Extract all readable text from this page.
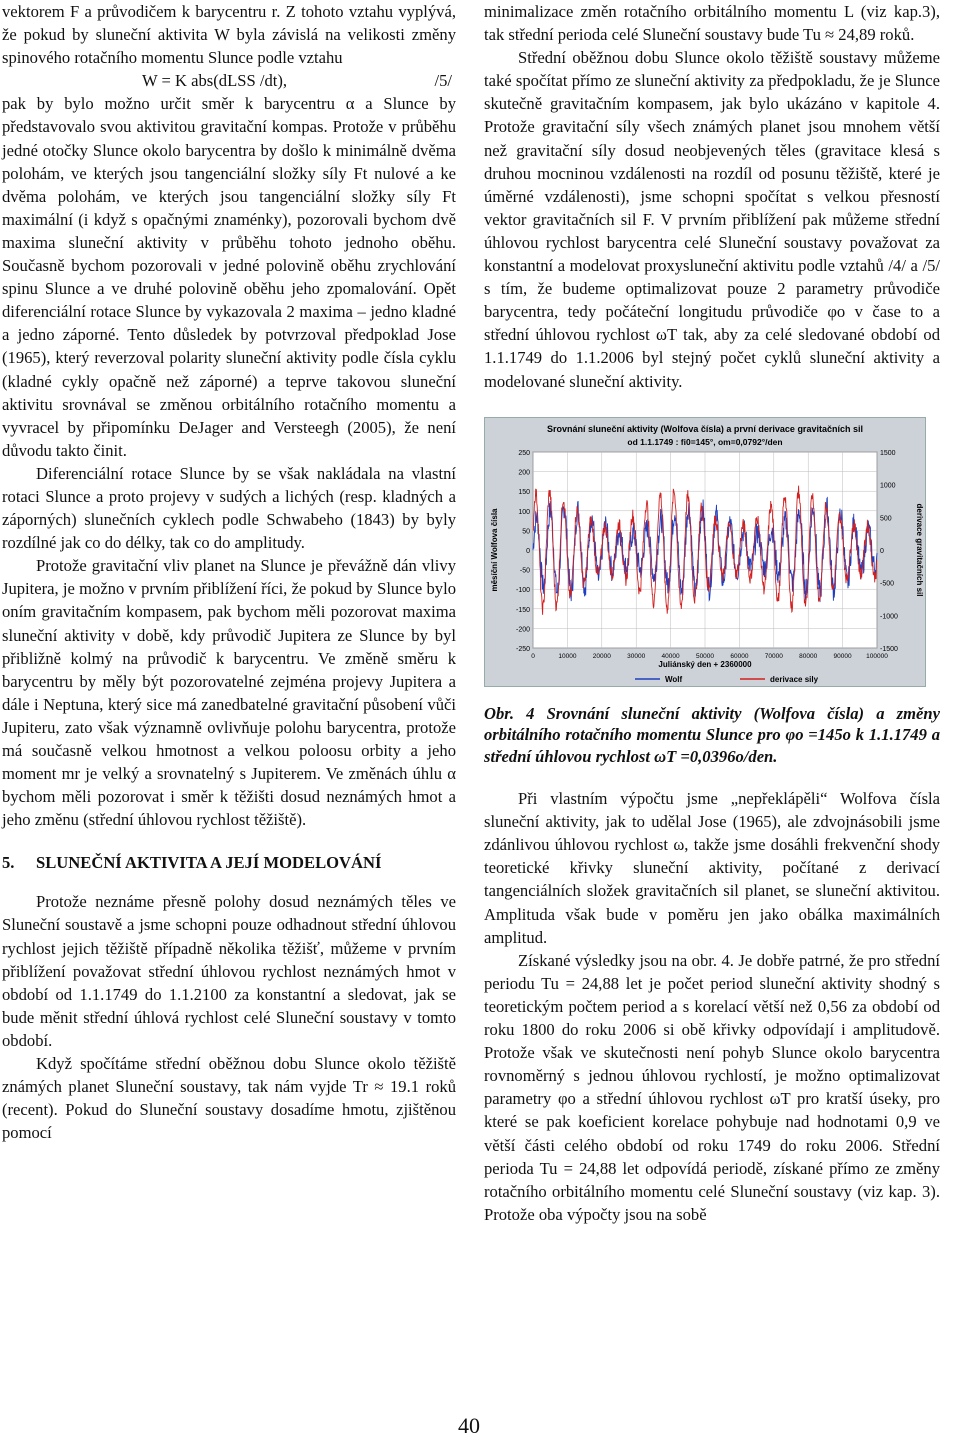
vektorem F a průvodičem k barycentru r. Z tohoto vztahu vyplývá, že pokud by sluneční aktivita W byla závislá na velikosti změny spinového rotačního momentu Slunce podle vztahu

W = K abs(dLSS /dt),	/5/

pak by bylo možno určit směr k barycentru α a Slunce by představovalo svou aktivitou gravitační kompas. Protože v průběhu jedné otočky Slunce okolo barycentra by došlo k minimálně dvěma polohám, ve kterých jsou tangenciální složky síly Ft nulové a ke dvěma polohám, ve kterých jsou tangenciální složky síly Ft maximální (i když s opačnými znaménky), pozorovali bychom dvě maxima sluneční aktivity v průběhu tohoto jednoho oběhu. Současně bychom pozorovali v jedné polovině oběhu zrychlování spinu Slunce a ve druhé polovině oběhu jeho zpomalování. Opět diferenciální rotace Slunce by vykazovala 2 maxima – jedno kladné a jedno záporné. Tento důsledek by potvrzoval předpoklad Jose (1965), který reverzoval polarity sluneční aktivity podle čísla cyklu (kladné cykly opačně než záporné) a teprve takovou sluneční aktivitu srovnával se změnou orbitálního rotačního momentu a vyvracel by připomínku DeJager and Versteegh (2005), že není důvodu takto činit.

Diferenciální rotace Slunce by se však nakládala na vlastní rotaci Slunce a proto projevy v sudých a lichých (resp. kladných a záporných) slunečních cyklech podle Schwabeho (1843) by byly rozdílné jak co do délky, tak co do amplitudy.

Protože gravitační vliv planet na Slunce je převážně dán vlivy Jupitera, je možno v prvním přiblížení říci, že pokud by Slunce bylo oním gravitačním kompasem, pak bychom měli pozorovat maxima sluneční aktivity v době, kdy průvodič Jupitera ze Slunce by byl přibližně kolmý na průvodič k barycentru. Ve změně směru k barycentru by měly být pozorovatelné zejména projevy Jupitera a dále i Neptuna, který sice má zanedbatelné gravitační působení vůči Jupiteru, zato však významně ovlivňuje polohu barycentra, protože má současně velkou hmotnost a velkou poloosu orbity a jeho moment mr je velký a srovnatelný s Jupiterem. Ve změnách úhlu α bychom měli pozorovat i směr k těžišti dosud neznámých hmot a jeho změnu (střední úhlovou rychlost těžiště).

5.	SLUNEČNÍ AKTIVITA A JEJÍ MODELOVÁNÍ

Protože neznáme přesně polohy dosud neznámých těles ve Sluneční soustavě a jsme schopni pouze odhadnout střední úhlovou rychlost jejich těžiště případně několika těžišť, můžeme v prvním přiblížení považovat střední úhlovou rychlost neznámých hmot v období od 1.1.1749 do 1.1.2100 za konstantní a sledovat, jak se bude měnit střední úhlová rychlost celé Sluneční soustavy v tomto období.

Když spočítáme střední oběžnou dobu Slunce okolo těžiště známých planet Sluneční soustavy, tak nám vyjde Tr ≈ 19.1 roků (recent). Pokud do Sluneční soustavy dosadíme hmotu, zjištěnou pomocí

minimalizace změn rotačního orbitálního momentu L (viz kap.3), tak střední perioda celé Sluneční soustavy bude Tu ≈ 24,89 roků.

Střední oběžnou dobu Slunce okolo těžiště soustavy můžeme také spočítat přímo ze sluneční aktivity za předpokladu, že je Slunce skutečně gravitačním kompasem, jak bylo ukázáno v kapitole 4. Protože gravitační síly všech známých planet jsou mnohem větší než gravitační síly dosud neobjevených těles (gravitace klesá s druhou mocninou vzdálenosti na rozdíl od posunu těžiště, které je úměrné vzdálenosti), jsme schopni spočítat s velkou přesností vektor gravitačních sil F. V prvním přiblížení pak můžeme střední úhlovou rychlost barycentra celé Sluneční soustavy považovat za konstantní a modelovat proxysluneční aktivitu podle vztahů /4/ a /5/ s tím, že budeme optimalizovat pouze 2 parametry průvodiče barycentra, tedy počáteční longitudu průvodiče φo v čase to a střední úhlovou rychlost ωT tak, aby za celé sledované období od 1.1.1749 do 1.1.2006 byl stejný počet cyklů sluneční aktivity a modelované sluneční aktivity.

Srovnání sluneční aktivity (Wolfova čísla) a první derivace gravitačních sil
od 1.1.1749 : fi0=145°, om=0,0792°/den
250
200
150
100
50
0
-50
-100
-150
-200
-250
1500
1000
500
0
-500
-1000
-1500
0	10000	20000	30000	40000	50000	60000	70000	80000	90000 100000
měsíční Wolfova čísla	derivace gravitačních sil
Juliánský den + 2360000
Wolf	derivace sily

Obr. 4 Srovnání sluneční aktivity (Wolfova čísla) a změny orbitálního rotačního momentu Slunce pro φo =145o k 1.1.1749 a střední úhlovou rychlost ωT =0,0396o/den.

Při vlastním výpočtu jsme „nepřeklápěli“ Wolfova čísla sluneční aktivity, jak to udělal Jose (1965), ale zdvojnásobili jsme zdánlivou úhlovou rychlost ω, takže jsme dosáhli frekvenční shody teoretické křivky sluneční aktivity, počítané z derivací tangenciálních složek gravitačních sil planet, se sluneční aktivitou. Amplituda však bude v poměru jen jako obálka maximálních amplitud.

Získané výsledky jsou na obr. 4. Je dobře patrné, že pro střední periodu Tu = 24,88 let je počet period sluneční aktivity shodný s teoretickým počtem period a s korelací větší než 0,56 za období od roku 1800 do roku 2006 si obě křivky odpovídají i amplitudově. Protože však ve skutečnosti není pohyb Slunce okolo barycentra rovnoměrný s jednou úhlovou rychlostí, je možno optimalizovat parametry φo a střední úhlovou rychlost ωT pro kratší úseky, pro které se pak koeficient korelace pohybuje nad hodnotami 0,9 ve větší části celého období od roku 1749 do roku 2006. Střední perioda Tu = 24,88 let odpovídá periodě, získané přímo ze změny rotačního orbitálního momentu celé Sluneční soustavy (viz kap. 3). Protože oba výpočty jsou na sobě

40
